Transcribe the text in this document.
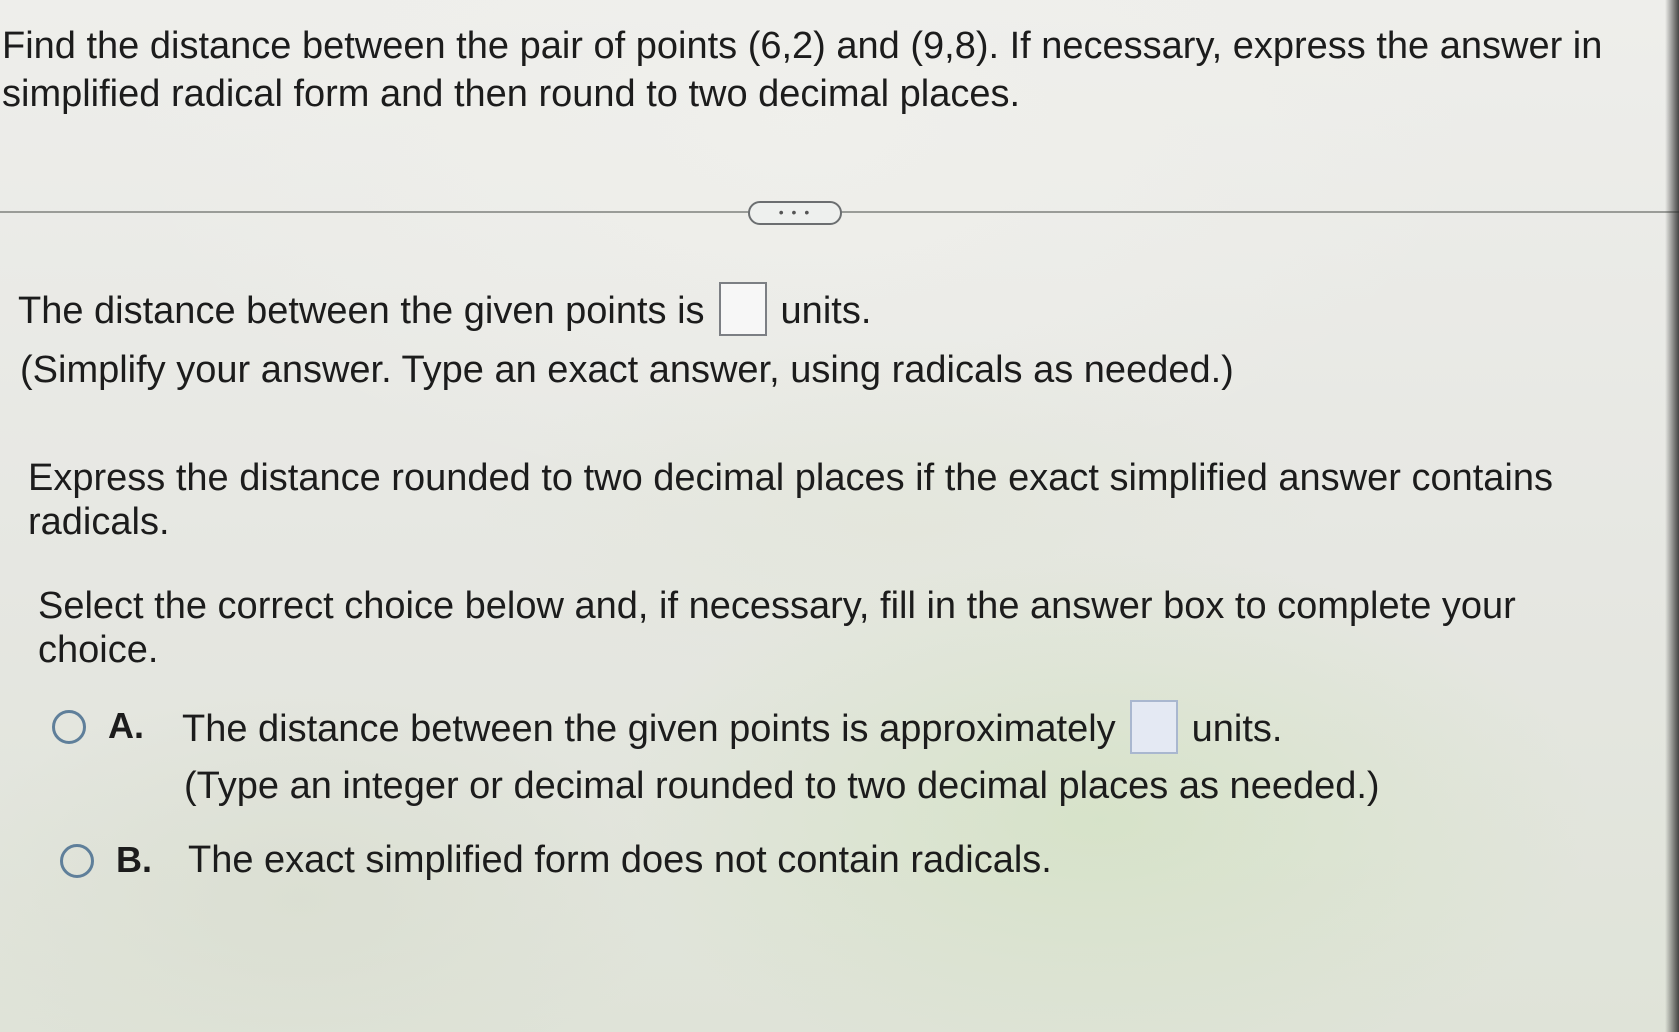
Find the distance between the pair of points (6,2) and (9,8). If necessary, express the answer in simplified radical form and then round to two decimal places.

• • •
The distance between the given points is units.

(Simplify your answer. Type an exact answer, using radicals as needed.)

Express the distance rounded to two decimal places if the exact simplified answer contains radicals.

Select the correct choice below and, if necessary, fill in the answer box to complete your choice.

A. The distance between the given points is approximately units.

(Type an integer or decimal rounded to two decimal places as needed.)

B. The exact simplified form does not contain radicals.
